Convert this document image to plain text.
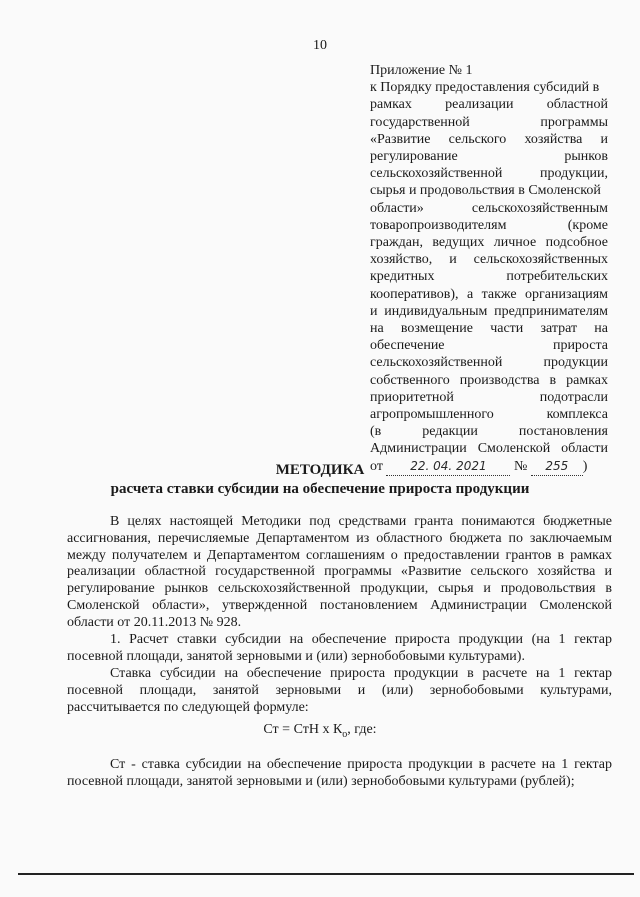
10
Приложение № 1
к Порядку предоставления субсидий в
рамках реализации областной
государственной программы
«Развитие сельского хозяйства и
регулирование рынков
сельскохозяйственной продукции,
сырья и продовольствия в Смоленской
области» сельскохозяйственным
товаропроизводителям (кроме
граждан, ведущих личное подсобное
хозяйство, и сельскохозяйственных
кредитных потребительских
кооперативов), а также организациям
и индивидуальным предпринимателям
на возмещение части затрат на
обеспечение прироста
сельскохозяйственной продукции
собственного производства в рамках
приоритетной подотрасли
агропромышленного комплекса
(в редакции постановления
Администрации Смоленской области
от 22. 04. 2021 № 255 )
МЕТОДИКА
расчета ставки субсидии на обеспечение прироста продукции
В целях настоящей Методики под средствами гранта понимаются бюджетные
ассигнования, перечисляемые Департаментом из областного бюджета по заключаемым
между получателем и Департаментом соглашениям о предоставлении грантов в рамках
реализации областной государственной программы «Развитие сельского хозяйства и
регулирование рынков сельскохозяйственной продукции, сырья и продовольствия в
Смоленской области», утвержденной постановлением Администрации Смоленской
области от 20.11.2013 № 928.
1. Расчет ставки субсидии на обеспечение прироста продукции (на 1 гектар
посевной площади, занятой зерновыми и (или) зернобобовыми культурами).
Ставка субсидии на обеспечение прироста продукции в расчете на 1 гектар
посевной площади, занятой зерновыми и (или) зернобобовыми культурами,
рассчитывается по следующей формуле:
Ст = СтН х $К_о$, где:
Ст - ставка субсидии на обеспечение прироста продукции в расчете на 1 гектар
посевной площади, занятой зерновыми и (или) зернобобовыми культурами (рублей);
